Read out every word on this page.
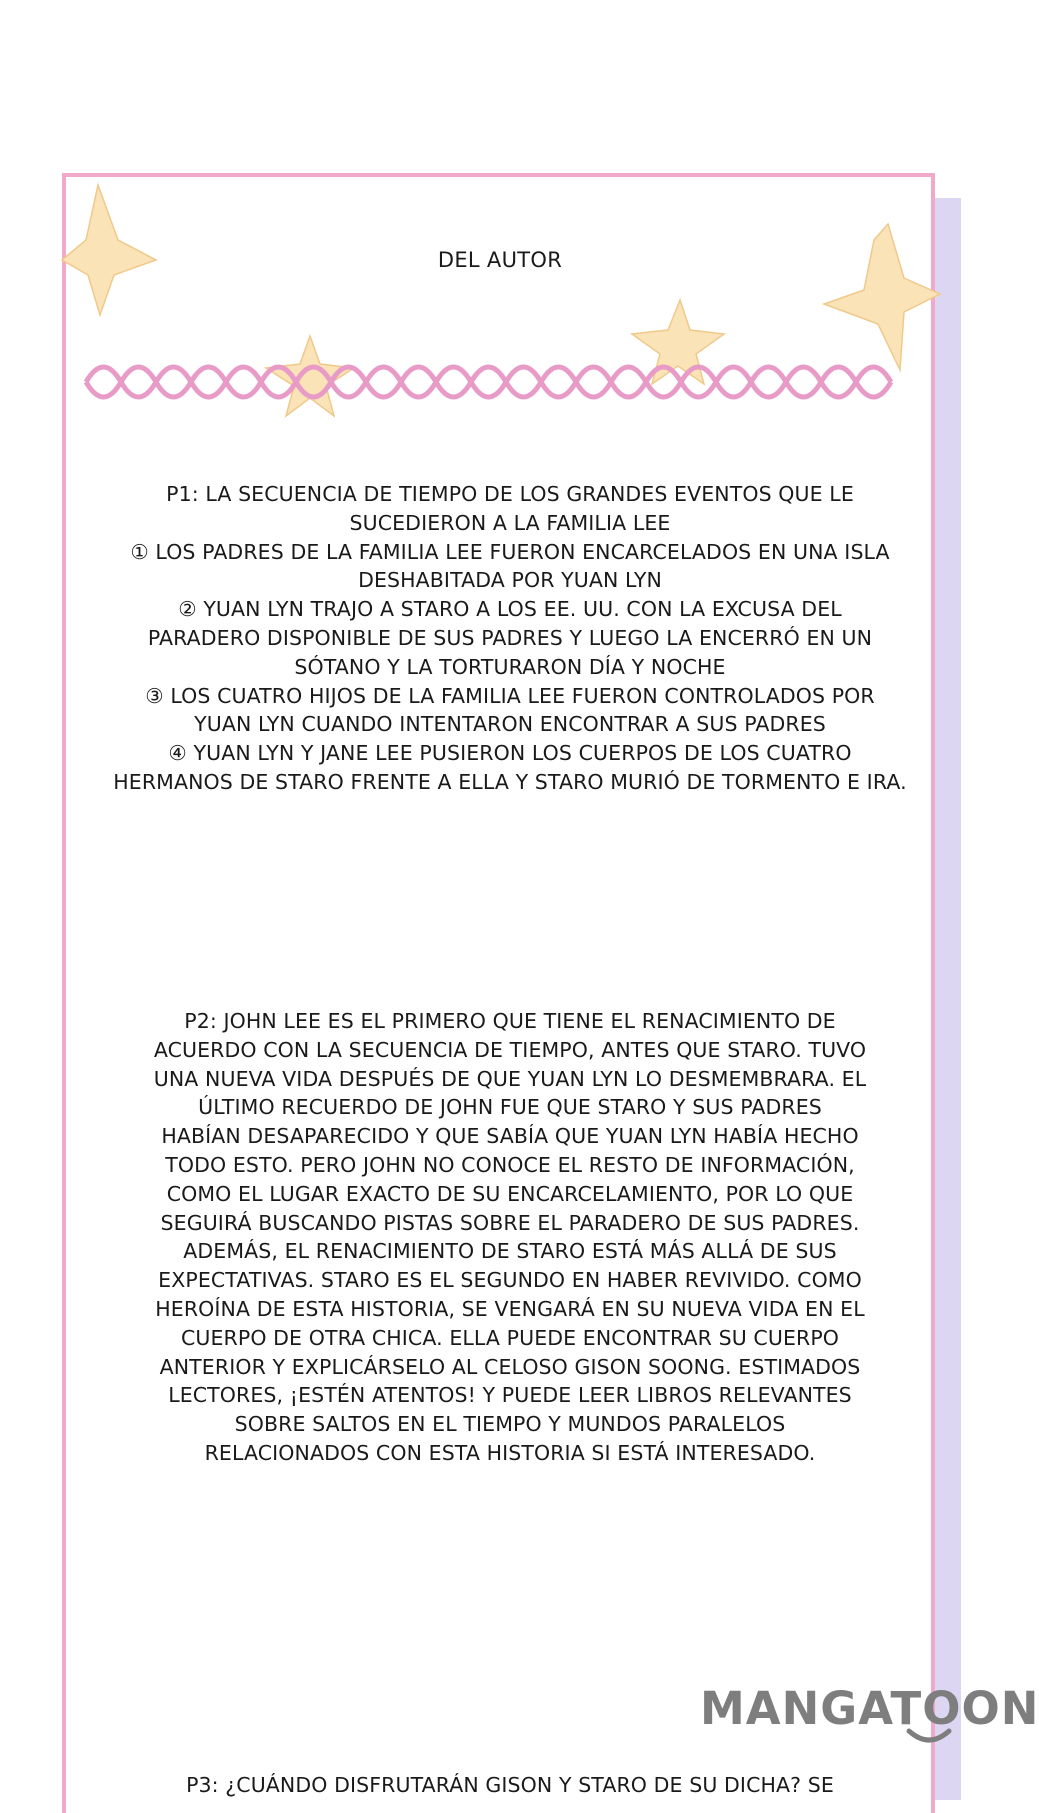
DEL AUTOR

P1: LA SECUENCIA DE TIEMPO DE LOS GRANDES EVENTOS QUE LE
SUCEDIERON A LA FAMILIA LEE
① LOS PADRES DE LA FAMILIA LEE FUERON ENCARCELADOS EN UNA ISLA
DESHABITADA POR YUAN LYN
② YUAN LYN TRAJO A STARO A LOS EE. UU. CON LA EXCUSA DEL
PARADERO DISPONIBLE DE SUS PADRES Y LUEGO LA ENCERRÓ EN UN
SÓTANO Y LA TORTURARON DÍA Y NOCHE
③ LOS CUATRO HIJOS DE LA FAMILIA LEE FUERON CONTROLADOS POR
YUAN LYN CUANDO INTENTARON ENCONTRAR A SUS PADRES
④ YUAN LYN Y JANE LEE PUSIERON LOS CUERPOS DE LOS CUATRO
HERMANOS DE STARO FRENTE A ELLA Y STARO MURIÓ DE TORMENTO E IRA.

P2: JOHN LEE ES EL PRIMERO QUE TIENE EL RENACIMIENTO DE
ACUERDO CON LA SECUENCIA DE TIEMPO, ANTES QUE STARO. TUVO
UNA NUEVA VIDA DESPUÉS DE QUE YUAN LYN LO DESMEMBRARA. EL
ÚLTIMO RECUERDO DE JOHN FUE QUE STARO Y SUS PADRES
HABÍAN DESAPARECIDO Y QUE SABÍA QUE YUAN LYN HABÍA HECHO
TODO ESTO. PERO JOHN NO CONOCE EL RESTO DE INFORMACIÓN,
COMO EL LUGAR EXACTO DE SU ENCARCELAMIENTO, POR LO QUE
SEGUIRÁ BUSCANDO PISTAS SOBRE EL PARADERO DE SUS PADRES.
ADEMÁS, EL RENACIMIENTO DE STARO ESTÁ MÁS ALLÁ DE SUS
EXPECTATIVAS. STARO ES EL SEGUNDO EN HABER REVIVIDO. COMO
HEROÍNA DE ESTA HISTORIA, SE VENGARÁ EN SU NUEVA VIDA EN EL
CUERPO DE OTRA CHICA. ELLA PUEDE ENCONTRAR SU CUERPO
ANTERIOR Y EXPLICÁRSELO AL CELOSO GISON SOONG. ESTIMADOS
LECTORES, ¡ESTÉN ATENTOS! Y PUEDE LEER LIBROS RELEVANTES
SOBRE SALTOS EN EL TIEMPO Y MUNDOS PARALELOS
RELACIONADOS CON ESTA HISTORIA SI ESTÁ INTERESADO.

MANGATOON

P3: ¿CUÁNDO DISFRUTARÁN GISON Y STARO DE SU DICHA? SE
